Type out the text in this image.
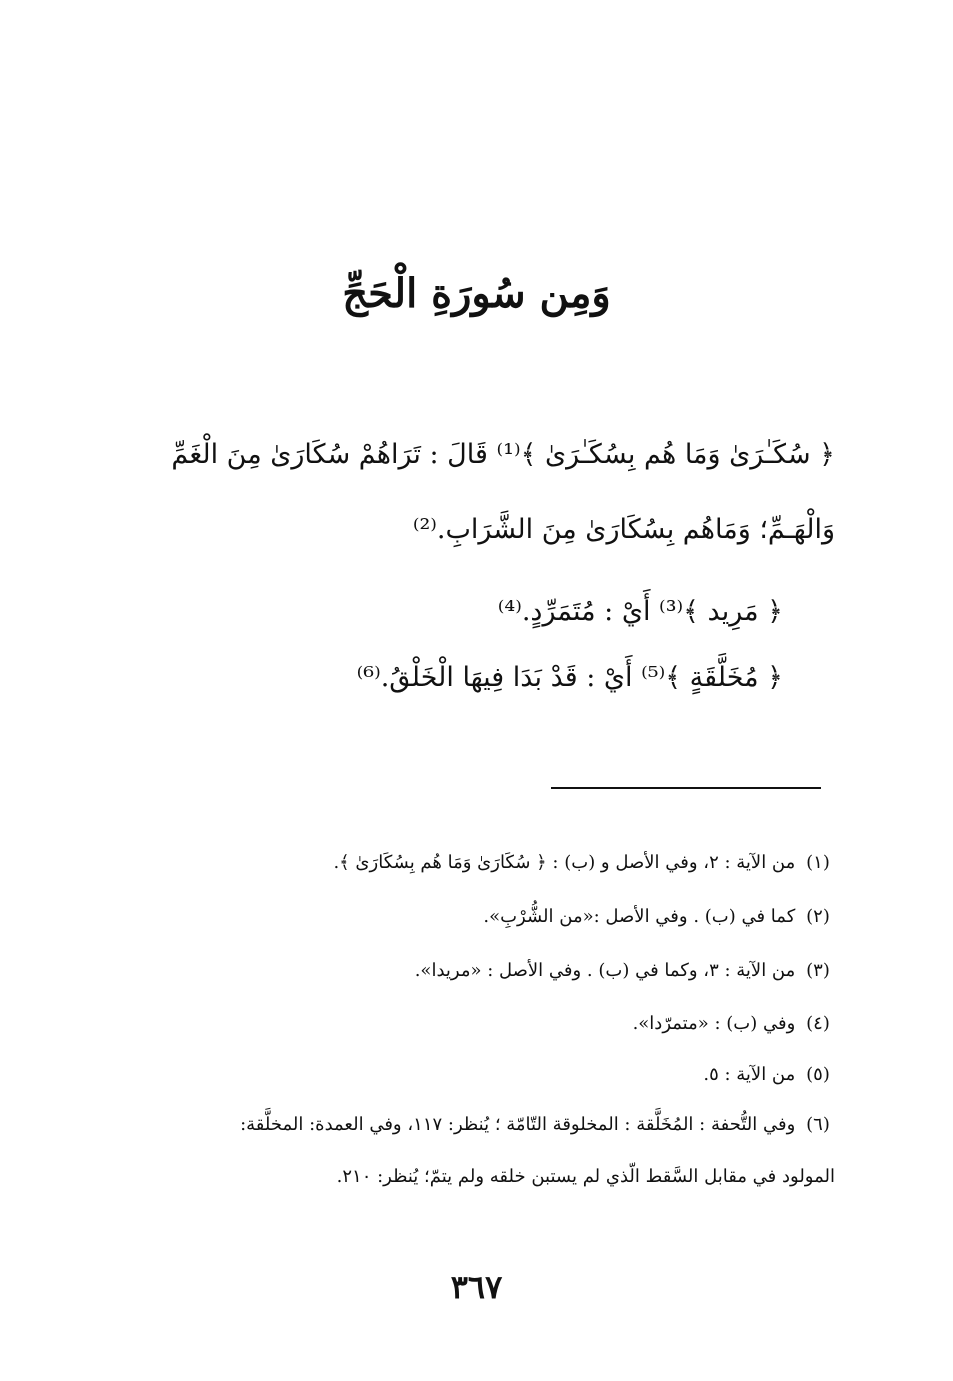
وَمِن سُورَةِ الْحَجِّ
﴿ سُكَـٰرَىٰ وَمَا هُم بِسُكَـٰرَىٰ ﴾⁽¹⁾ قَالَ : تَرَاهُمْ سُكَارَىٰ مِنَ الْغَمِّ
وَالْهَـمِّ؛ وَمَاهُم بِسُكَارَىٰ مِنَ الشَّرَابِ.⁽²⁾
﴿ مَرِيد ﴾⁽³⁾ أَيْ : مُتَمَرِّدٍ.⁽⁴⁾
﴿ مُخَلَّقَةٍ ﴾⁽⁵⁾ أَيْ : قَدْ بَدَا فِيهَا الْخَلْقُ.⁽⁶⁾
(١) من الآية : ٢، وفي الأصل و (ب) : ﴿ سُكَارَىٰ وَمَا هُم بِسُكَارَىٰ ﴾.
(٢) كما في (ب) . وفي الأصل :«من الشُّرْبِ».
(٣) من الآية : ٣، وكما في (ب) . وفي الأصل : «مريدا».
(٤) وفي (ب) : «متمرّدا».
(٥) من الآية : ٥.
(٦) وفي التُّحفة : المُخَلَّقة : المخلوقة التّامّة ؛ يُنظر: ١١٧، وفي العمدة: المخلَّقة:
المولود في مقابل السَّقط الّذي لم يستبن خلقه ولم يتمّ؛ يُنظر: ٢١٠.
٣٦٧
